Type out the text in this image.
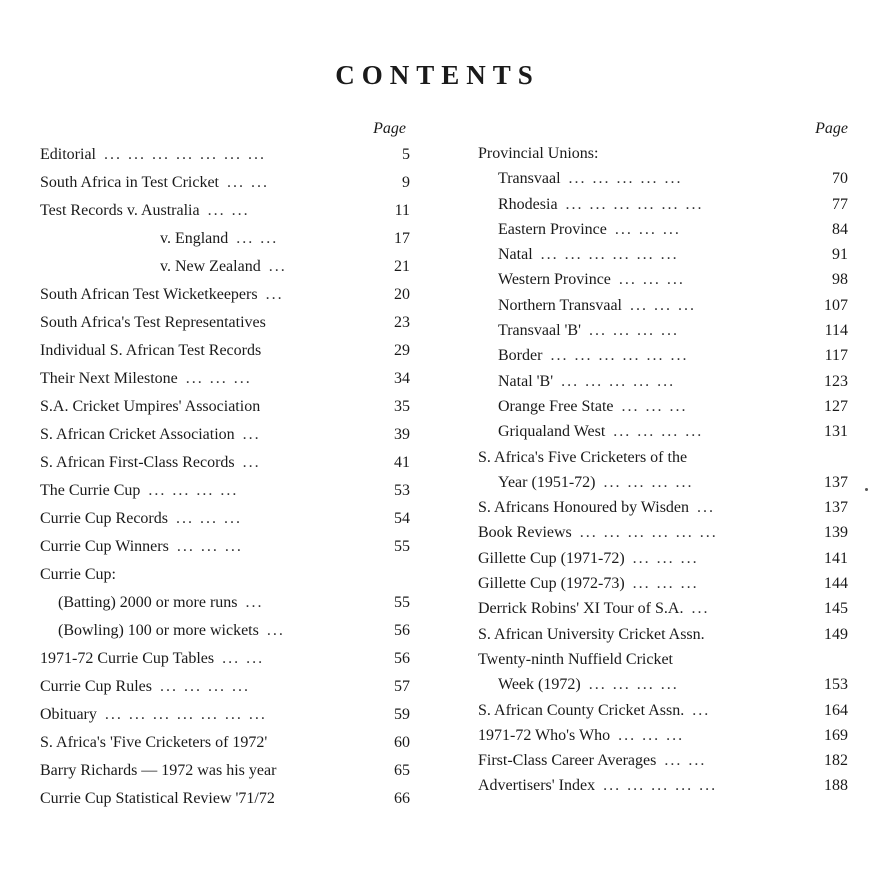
CONTENTS
Page
Editorial ... ... ... ... ... ... ...	5
South Africa in Test Cricket ... ...	9
Test Records v. Australia ... ...	11
v. England ... ...	17
v. New Zealand ...	21
South African Test Wicketkeepers ...	20
South Africa's Test Representatives	23
Individual S. African Test Records	29
Their Next Milestone ... ... ...	34
S.A. Cricket Umpires' Association	35
S. African Cricket Association ...	39
S. African First-Class Records ...	41
The Currie Cup ... ... ... ...	53
Currie Cup Records ... ... ...	54
Currie Cup Winners ... ... ...	55
Currie Cup:
(Batting) 2000 or more runs ...	55
(Bowling) 100 or more wickets ...	56
1971-72 Currie Cup Tables ... ...	56
Currie Cup Rules ... ... ... ...	57
Obituary ... ... ... ... ... ... ...	59
S. Africa's 'Five Cricketers of 1972'	60
Barry Richards — 1972 was his year	65
Currie Cup Statistical Review '71/72	66
Page
Provincial Unions:
Transvaal ... ... ... ... ...	70
Rhodesia ... ... ... ... ... ...	77
Eastern Province ... ... ...	84
Natal ... ... ... ... ... ...	91
Western Province ... ... ...	98
Northern Transvaal ... ... ...	107
Transvaal 'B' ... ... ... ...	114
Border ... ... ... ... ... ...	117
Natal 'B' ... ... ... ... ...	123
Orange Free State ... ... ...	127
Griqualand West ... ... ... ...	131
S. Africa's Five Cricketers of the
Year (1951-72) ... ... ... ...	137
S. Africans Honoured by Wisden ...	137
Book Reviews ... ... ... ... ... ...	139
Gillette Cup (1971-72) ... ... ...	141
Gillette Cup (1972-73) ... ... ...	144
Derrick Robins' XI Tour of S.A. ...	145
S. African University Cricket Assn.	149
Twenty-ninth Nuffield Cricket
Week (1972) ... ... ... ...	153
S. African County Cricket Assn. ...	164
1971-72 Who's Who ... ... ...	169
First-Class Career Averages ... ...	182
Advertisers' Index ... ... ... ... ...	188
